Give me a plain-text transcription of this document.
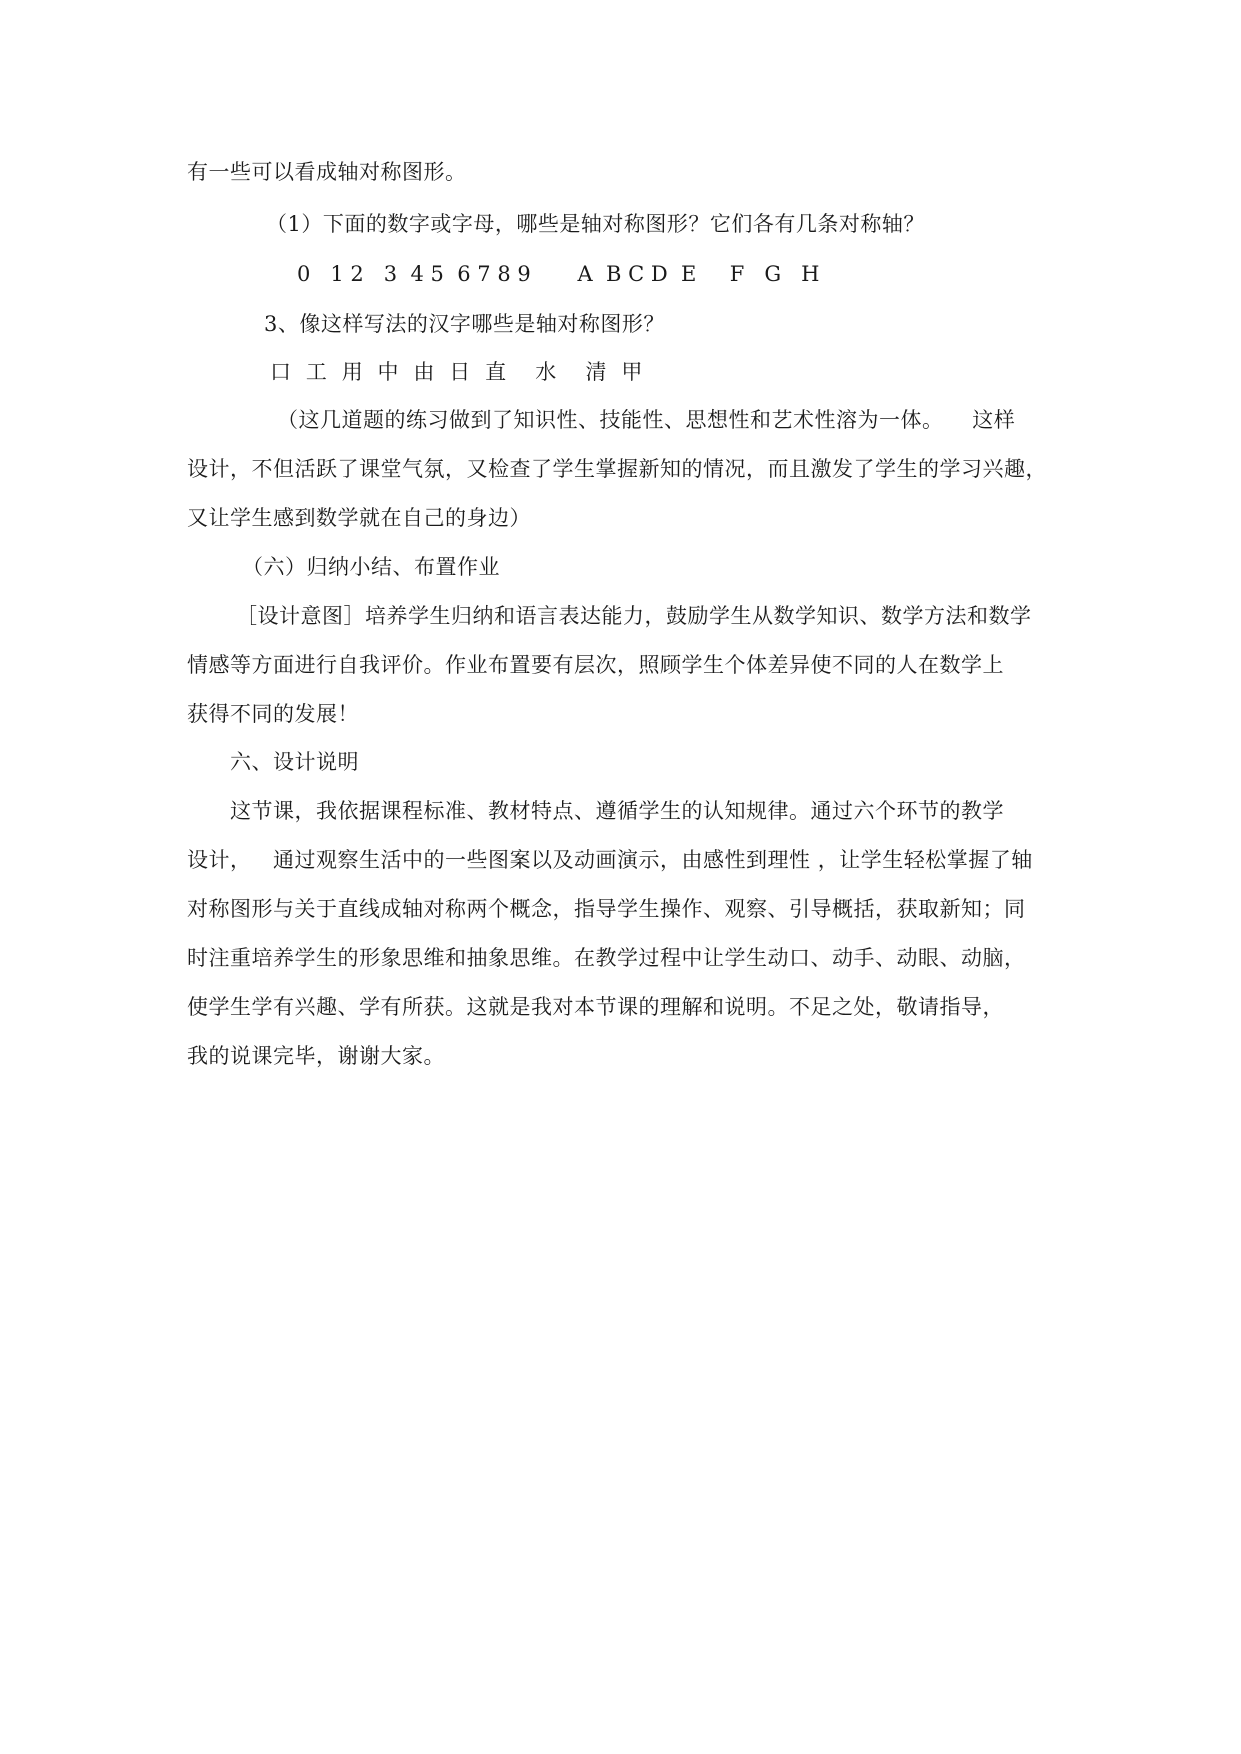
有一些可以看成轴对称图形。
（1）下面的数字或字母，哪些是轴对称图形？它们各有几条对称轴？
0   1 2   3  4 5  6 7 8 9       A  B C D  E     F   G   H
3、像这样写法的汉字哪些是轴对称图形？
口  工  用  中  由  日  直    水    清  甲
（这几道题的练习做到了知识性、技能性、思想性和艺术性溶为一体。    这样
设计，不但活跃了课堂气氛，又检查了学生掌握新知的情况，而且激发了学生的学习兴趣，
又让学生感到数学就在自己的身边）
（六）归纳小结、布置作业
［设计意图］培养学生归纳和语言表达能力，鼓励学生从数学知识、数学方法和数学
情感等方面进行自我评价。作业布置要有层次，照顾学生个体差异使不同的人在数学上
获得不同的发展！
六、设计说明
这节课，我依据课程标准、教材特点、遵循学生的认知规律。通过六个环节的教学
设计，   通过观察生活中的一些图案以及动画演示，由感性到理性 ，让学生轻松掌握了轴
对称图形与关于直线成轴对称两个概念，指导学生操作、观察、引导概括，获取新知；同
时注重培养学生的形象思维和抽象思维。在教学过程中让学生动口、动手、动眼、动脑，
使学生学有兴趣、学有所获。这就是我对本节课的理解和说明。不足之处，敬请指导，
我的说课完毕，谢谢大家。
